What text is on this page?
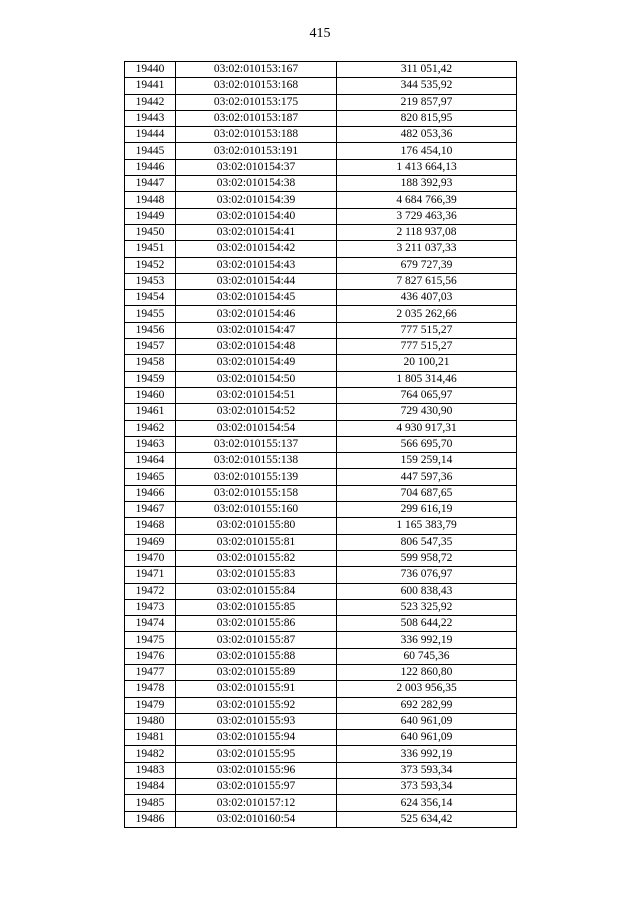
415
19440	03:02:010153:167	311 051,42
19441	03:02:010153:168	344 535,92
19442	03:02:010153:175	219 857,97
19443	03:02:010153:187	820 815,95
19444	03:02:010153:188	482 053,36
19445	03:02:010153:191	176 454,10
19446	03:02:010154:37	1 413 664,13
19447	03:02:010154:38	188 392,93
19448	03:02:010154:39	4 684 766,39
19449	03:02:010154:40	3 729 463,36
19450	03:02:010154:41	2 118 937,08
19451	03:02:010154:42	3 211 037,33
19452	03:02:010154:43	679 727,39
19453	03:02:010154:44	7 827 615,56
19454	03:02:010154:45	436 407,03
19455	03:02:010154:46	2 035 262,66
19456	03:02:010154:47	777 515,27
19457	03:02:010154:48	777 515,27
19458	03:02:010154:49	20 100,21
19459	03:02:010154:50	1 805 314,46
19460	03:02:010154:51	764 065,97
19461	03:02:010154:52	729 430,90
19462	03:02:010154:54	4 930 917,31
19463	03:02:010155:137	566 695,70
19464	03:02:010155:138	159 259,14
19465	03:02:010155:139	447 597,36
19466	03:02:010155:158	704 687,65
19467	03:02:010155:160	299 616,19
19468	03:02:010155:80	1 165 383,79
19469	03:02:010155:81	806 547,35
19470	03:02:010155:82	599 958,72
19471	03:02:010155:83	736 076,97
19472	03:02:010155:84	600 838,43
19473	03:02:010155:85	523 325,92
19474	03:02:010155:86	508 644,22
19475	03:02:010155:87	336 992,19
19476	03:02:010155:88	60 745,36
19477	03:02:010155:89	122 860,80
19478	03:02:010155:91	2 003 956,35
19479	03:02:010155:92	692 282,99
19480	03:02:010155:93	640 961,09
19481	03:02:010155:94	640 961,09
19482	03:02:010155:95	336 992,19
19483	03:02:010155:96	373 593,34
19484	03:02:010155:97	373 593,34
19485	03:02:010157:12	624 356,14
19486	03:02:010160:54	525 634,42
